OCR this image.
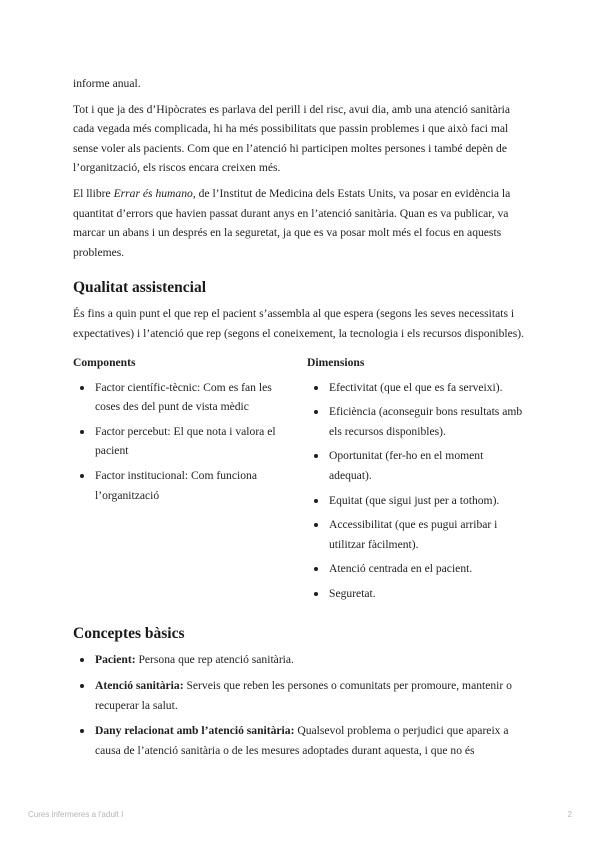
informe anual.

Tot i que ja des d’Hipòcrates es parlava del perill i del risc, avui dia, amb una atenció sanitària cada vegada més complicada, hi ha més possibilitats que passin problemes i que això faci mal sense voler als pacients. Com que en l’atenció hi participen moltes persones i també depèn de l’organització, els riscos encara creixen més.

El llibre Errar és humano, de l’Institut de Medicina dels Estats Units, va posar en evidència la quantitat d’errors que havien passat durant anys en l’atenció sanitària. Quan es va publicar, va marcar un abans i un després en la seguretat, ja que es va posar molt més el focus en aquests problemes.

Qualitat assistencial

És fins a quin punt el que rep el pacient s’assembla al que espera (segons les seves necessitats i expectatives) i l’atenció que rep (segons el coneixement, la tecnologia i els recursos disponibles).

Components
Factor científic-tècnic: Com es fan les coses des del punt de vista mèdic
Factor percebut: El que nota i valora el pacient
Factor institucional: Com funciona l’organització
Dimensions
Efectivitat (que el que es fa serveixi).
Eficiència (aconseguir bons resultats amb els recursos disponibles).
Oportunitat (fer-ho en el moment adequat).
Equitat (que sigui just per a tothom).
Accessibilitat (que es pugui arribar i utilitzar fàcilment).
Atenció centrada en el pacient.
Seguretat.
Conceptes bàsics
Pacient: Persona que rep atenció sanitària.
Atenció sanitària: Serveis que reben les persones o comunitats per promoure, mantenir o recuperar la salut.
Dany relacionat amb l’atenció sanitària: Qualsevol problema o perjudici que apareix a causa de l’atenció sanitària o de les mesures adoptades durant aquesta, i que no és
Cures infermeres a l'adult I	2
